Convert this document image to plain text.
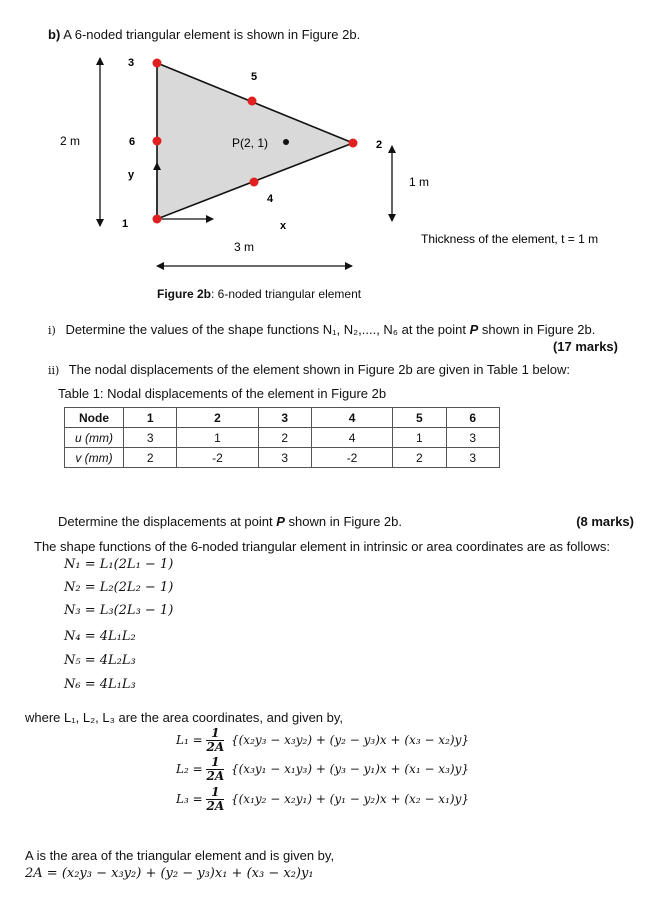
b) A 6-noded triangular element is shown in Figure 2b.
3
5
6	2
4
1
P(2, 1)
2 m
1 m
3 m
y
x
Thickness of the element, t = 1 m
Figure 2b: 6-noded triangular element
i) Determine the values of the shape functions N₁, N₂,...., N₆ at the point P shown in Figure 2b.
(17 marks)
ii) The nodal displacements of the element shown in Figure 2b are given in Table 1 below:
Table 1: Nodal displacements of the element in Figure 2b
Node	1	2	3	4	5	6
u (mm)	3	1	2	4	1	3
v (mm)	2	-2	3	-2	2	3
Determine the displacements at point P shown in Figure 2b.	(8 marks)
The shape functions of the 6-noded triangular element in intrinsic or area coordinates are as follows:
N₁ = L₁(2L₁ − 1)
N₂ = L₂(2L₂ − 1)
N₃ = L₃(2L₃ − 1)
N₄ = 4L₁L₂
N₅ = 4L₂L₃
N₆ = 4L₁L₃
where L₁, L₂, L₃ are the area coordinates, and given by,
$L_1 = \frac{1}{2A} \{(x_2y_3 - x_3y_2) + (y_2 - y_3)x + (x_3 - x_2)y\}$
$L_2 = \frac{1}{2A} \{(x_3y_1 - x_1y_3) + (y_3 - y_1)x + (x_1 - x_3)y\}$
$L_3 = \frac{1}{2A} \{(x_1y_2 - x_2y_1) + (y_1 - y_2)x + (x_2 - x_1)y\}$
A is the area of the triangular element and is given by,
2A = (x₂y₃ − x₃y₂) + (y₂ − y₃)x₁ + (x₃ − x₂)y₁
